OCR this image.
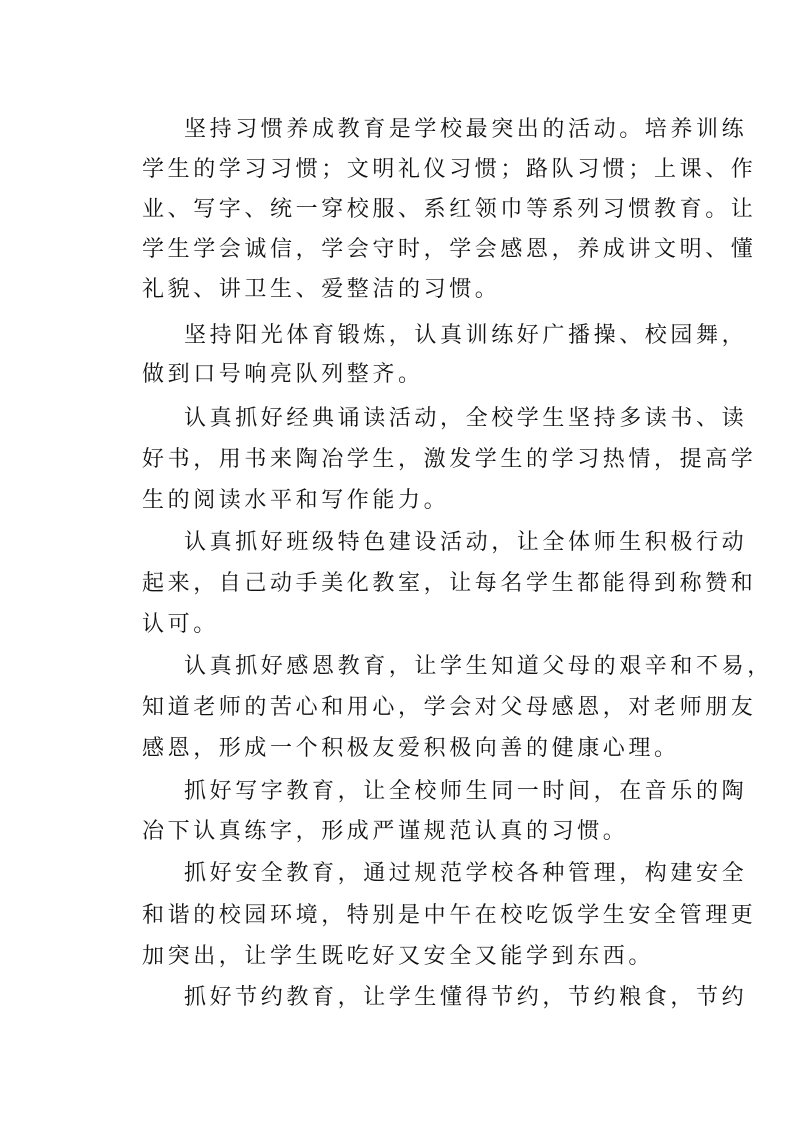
坚持习惯养成教育是学校最突出的活动。培养训练
学生的学习习惯；文明礼仪习惯；路队习惯；上课、作
业、写字、统一穿校服、系红领巾等系列习惯教育。让
学生学会诚信，学会守时，学会感恩，养成讲文明、懂
礼貌、讲卫生、爱整洁的习惯。
坚持阳光体育锻炼，认真训练好广播操、校园舞，
做到口号响亮队列整齐。
认真抓好经典诵读活动，全校学生坚持多读书、读
好书，用书来陶冶学生，激发学生的学习热情，提高学
生的阅读水平和写作能力。
认真抓好班级特色建设活动，让全体师生积极行动
起来，自己动手美化教室，让每名学生都能得到称赞和
认可。
认真抓好感恩教育，让学生知道父母的艰辛和不易，
知道老师的苦心和用心，学会对父母感恩，对老师朋友
感恩，形成一个积极友爱积极向善的健康心理。
抓好写字教育，让全校师生同一时间，在音乐的陶
冶下认真练字，形成严谨规范认真的习惯。
抓好安全教育，通过规范学校各种管理，构建安全
和谐的校园环境，特别是中午在校吃饭学生安全管理更
加突出，让学生既吃好又安全又能学到东西。
抓好节约教育，让学生懂得节约，节约粮食，节约
